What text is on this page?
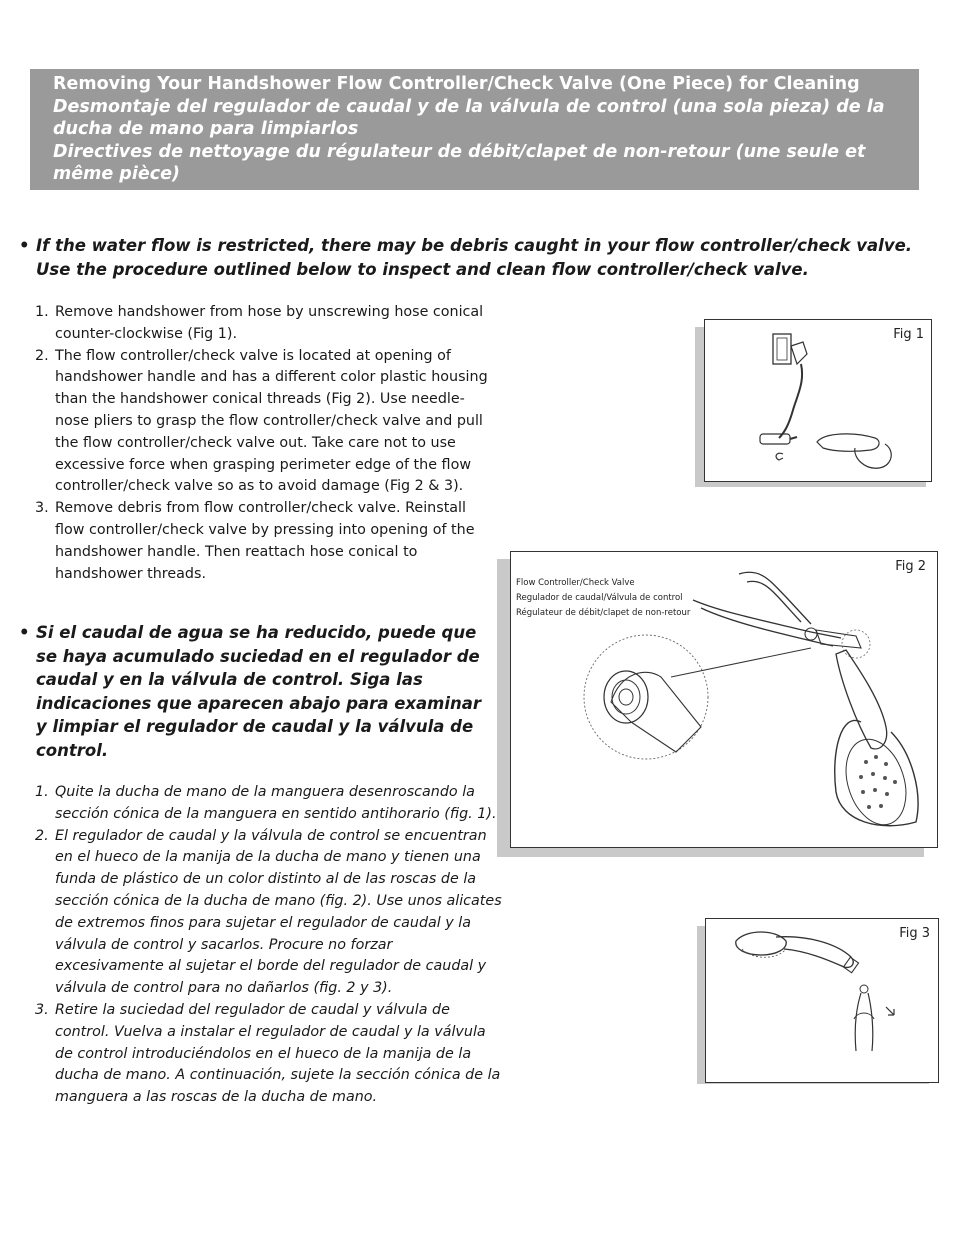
Removing Your Handshower Flow Controller/Check Valve (One Piece) for Cleaning
Desmontaje del regulador de caudal y de la válvula de control (una sola pieza) de la ducha de mano para limpiarlos
Directives de nettoyage du régulateur de débit/clapet de non-retour (une seule et même pièce)
• If the water flow is restricted, there may be debris caught in your flow controller/check valve. Use the procedure outlined below to inspect and clean flow controller/check valve.
1. Remove handshower from hose by unscrewing hose conical counter-clockwise (Fig 1).
2. The flow controller/check valve is located at opening of handshower handle and has a different color plastic housing than the handshower conical threads (Fig 2). Use needle-nose pliers to grasp the flow controller/check valve and pull the flow controller/check valve out. Take care not to use excessive force when grasping perimeter edge of the flow controller/check valve so as to avoid damage (Fig 2 & 3).
3. Remove debris from flow controller/check valve. Reinstall flow controller/check valve by pressing into opening of the handshower handle. Then reattach hose conical to handshower threads.
• Si el caudal de agua se ha reducido, puede que se haya acumulado suciedad en el regulador de caudal y en la válvula de control. Siga las indicaciones que aparecen abajo para examinar y limpiar el regulador de caudal y la válvula de control.
1. Quite la ducha de mano de la manguera desenroscando la sección cónica de la manguera en sentido antihorario (fig. 1).
2. El regulador de caudal y la válvula de control se encuentran en el hueco de la manija de la ducha de mano y tienen una funda de plástico de un color distinto al de las roscas de la sección cónica de la ducha de mano (fig. 2). Use unos alicates de extremos finos para sujetar el regulador de caudal y la válvula de control y sacarlos. Procure no forzar excesivamente al sujetar el borde del regulador de caudal y válvula de control para no dañarlos (fig. 2 y 3).
3. Retire la suciedad del regulador de caudal y válvula de control. Vuelva a instalar el regulador de caudal y la válvula de control introduciéndolos en el hueco de la manija de la ducha de mano. A continuación, sujete la sección cónica de la manguera a las roscas de la ducha de mano.
Fig 1
Fig 2
Flow Controller/Check Valve
Regulador de caudal/Válvula de control
Régulateur de débit/clapet de non-retour
Fig 3
